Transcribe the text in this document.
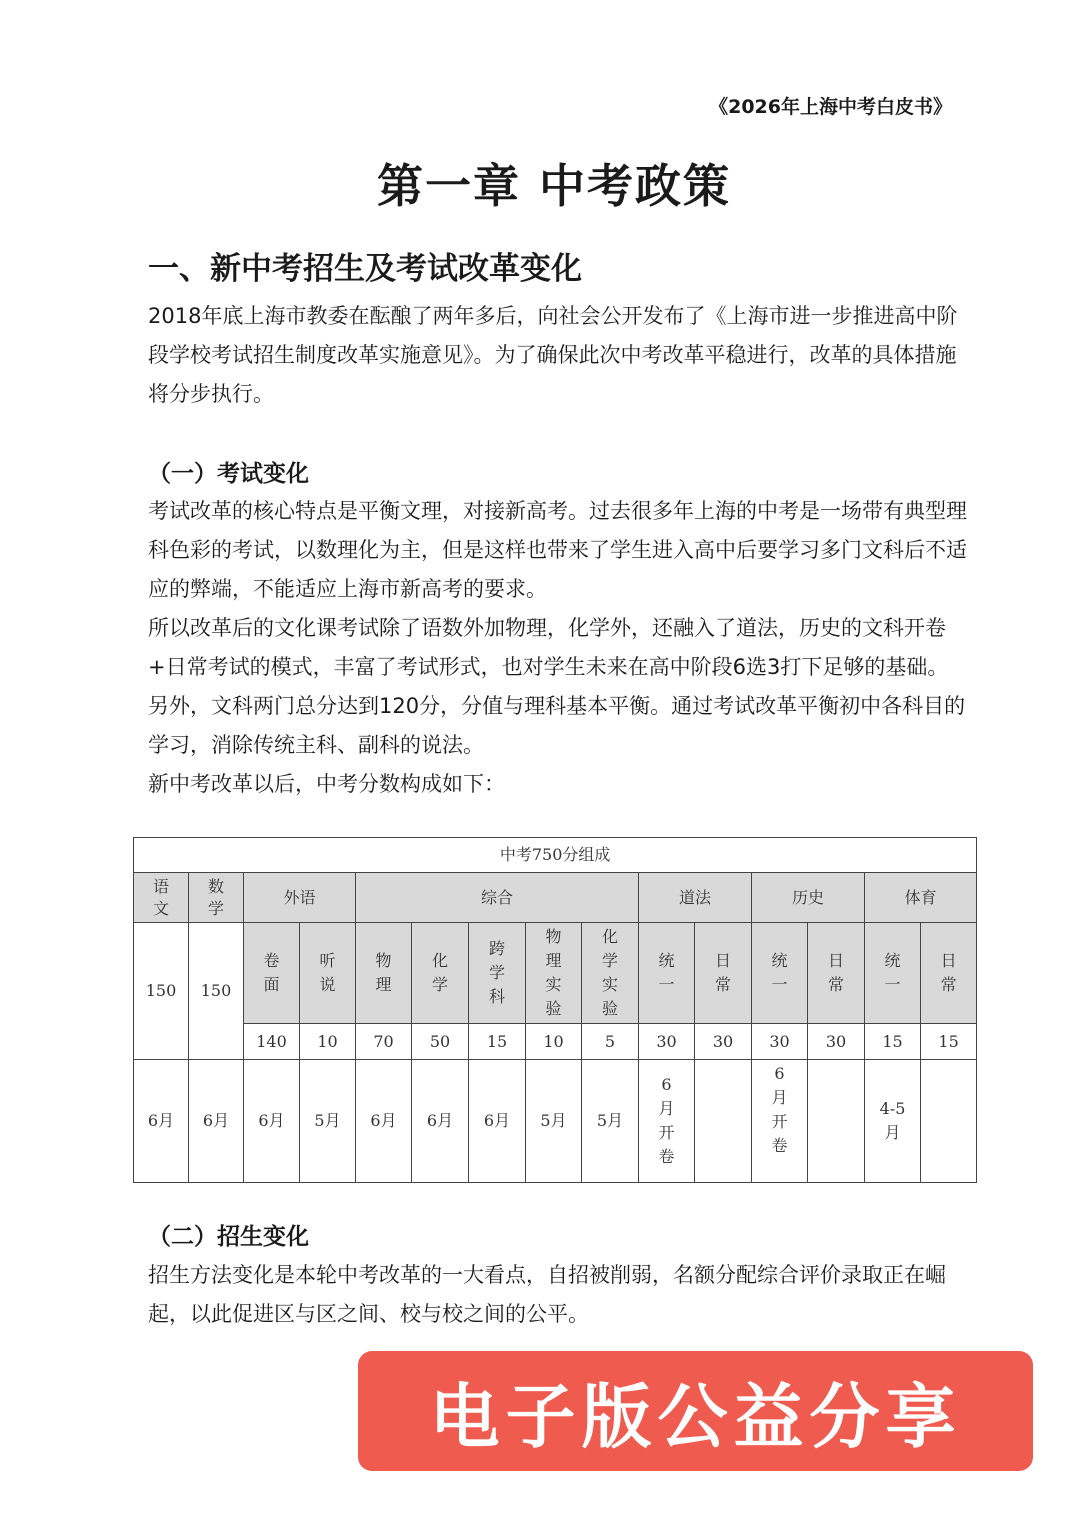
《2026年上海中考白皮书》
第一章 中考政策
一、新中考招生及考试改革变化

2018年底上海市教委在酝酿了两年多后，向社会公开发布了《上海市进一步推进高中阶段学校考试招生制度改革实施意见》。为了确保此次中考改革平稳进行，改革的具体措施将分步执行。

（一）考试变化

考试改革的核心特点是平衡文理，对接新高考。过去很多年上海的中考是一场带有典型理科色彩的考试，以数理化为主，但是这样也带来了学生进入高中后要学习多门文科后不适应的弊端，不能适应上海市新高考的要求。

所以改革后的文化课考试除了语数外加物理，化学外，还融入了道法，历史的文科开卷+日常考试的模式，丰富了考试形式，也对学生未来在高中阶段6选3打下足够的基础。

另外，文科两门总分达到120分，分值与理科基本平衡。通过考试改革平衡初中各科目的学习，消除传统主科、副科的说法。

新中考改革以后，中考分数构成如下：

中考750分组成														

语文	数学	外语		综合					道法		历史		体育	
150	150	卷面	听说	物理	化学	跨学科	物理实验	化学实验	统一	日常	统一	日常	统一	日常

		140	10	70	50	15	10	5	30	30	30	30	15	15
6月	6月	6月	5月	6月	6月	6月	5月	5月	6月开卷		6月开卷		4-5月	

（二）招生变化

招生方法变化是本轮中考改革的一大看点，自招被削弱，名额分配综合评价录取正在崛起，以此促进区与区之间、校与校之间的公平。

电子版公益分享
